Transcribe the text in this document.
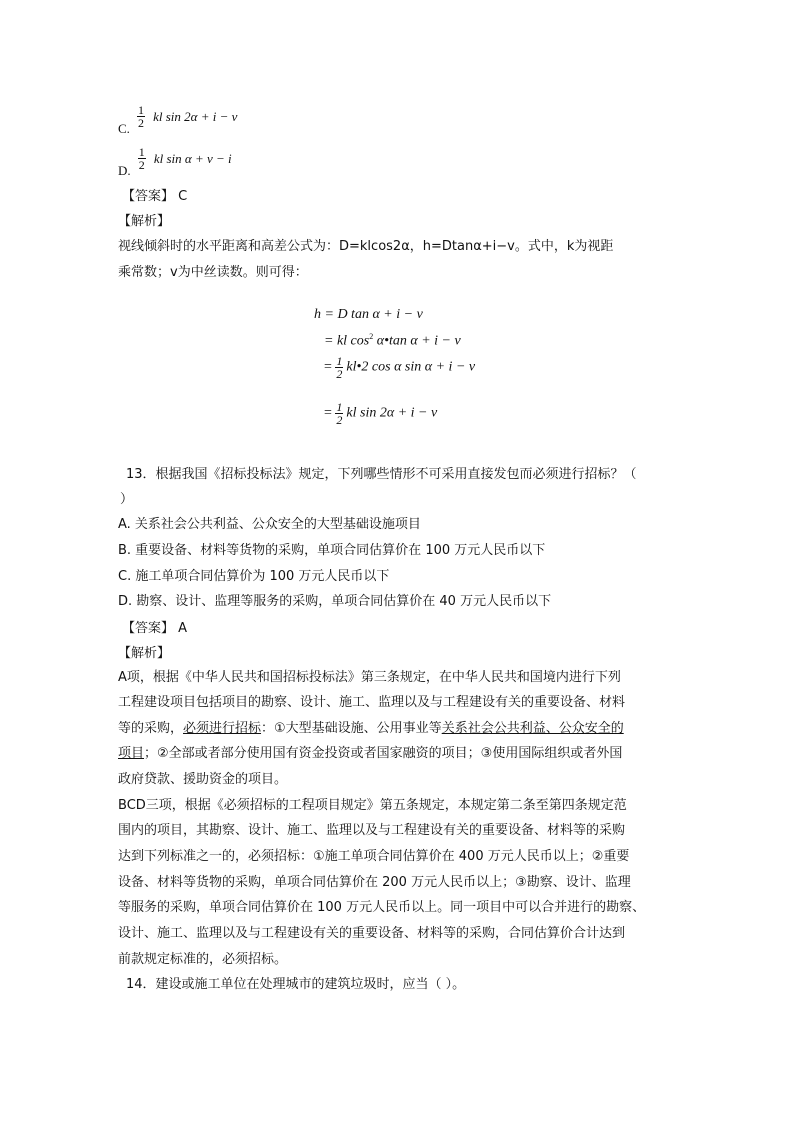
$_{C.} \frac{1}{2}$ kl sin 2α + i − v
$_{D.} \frac{1}{2}$ kl sin α + v − i
【答案】 C
【解析】
视线倾斜时的水平距离和高差公式为：D=klcos2α，h=Dtanα+i−v。式中，k为视距
乘常数；v为中丝读数。则可得：
h = D tan α + i − v
= kl $\cos^2$ α•tan α + i − v
= $\frac{1}{2}$ kl•2 cos α sin α + i − v
= $\frac{1}{2}$ kl sin 2α + i − v
13．根据我国《招标投标法》规定，下列哪些情形不可采用直接发包而必须进行招标？（
）
A. 关系社会公共利益、公众安全的大型基础设施项目
B. 重要设备、材料等货物的采购，单项合同估算价在 100 万元人民币以下
C. 施工单项合同估算价为 100 万元人民币以下
D. 勘察、设计、监理等服务的采购，单项合同估算价在 40 万元人民币以下
【答案】 A
【解析】
A项，根据《中华人民共和国招标投标法》第三条规定，在中华人民共和国境内进行下列
工程建设项目包括项目的勘察、设计、施工、监理以及与工程建设有关的重要设备、材料
等的采购，必须进行招标：①大型基础设施、公用事业等关系社会公共利益、公众安全的
项目；②全部或者部分使用国有资金投资或者国家融资的项目；③使用国际组织或者外国
政府贷款、援助资金的项目。
BCD三项，根据《必须招标的工程项目规定》第五条规定，本规定第二条至第四条规定范
围内的项目，其勘察、设计、施工、监理以及与工程建设有关的重要设备、材料等的采购
达到下列标准之一的，必须招标：①施工单项合同估算价在 400 万元人民币以上；②重要
设备、材料等货物的采购，单项合同估算价在 200 万元人民币以上；③勘察、设计、监理
等服务的采购，单项合同估算价在 100 万元人民币以上。同一项目中可以合并进行的勘察、
设计、施工、监理以及与工程建设有关的重要设备、材料等的采购，合同估算价合计达到
前款规定标准的，必须招标。
14．建设或施工单位在处理城市的建筑垃圾时，应当（ ）。
